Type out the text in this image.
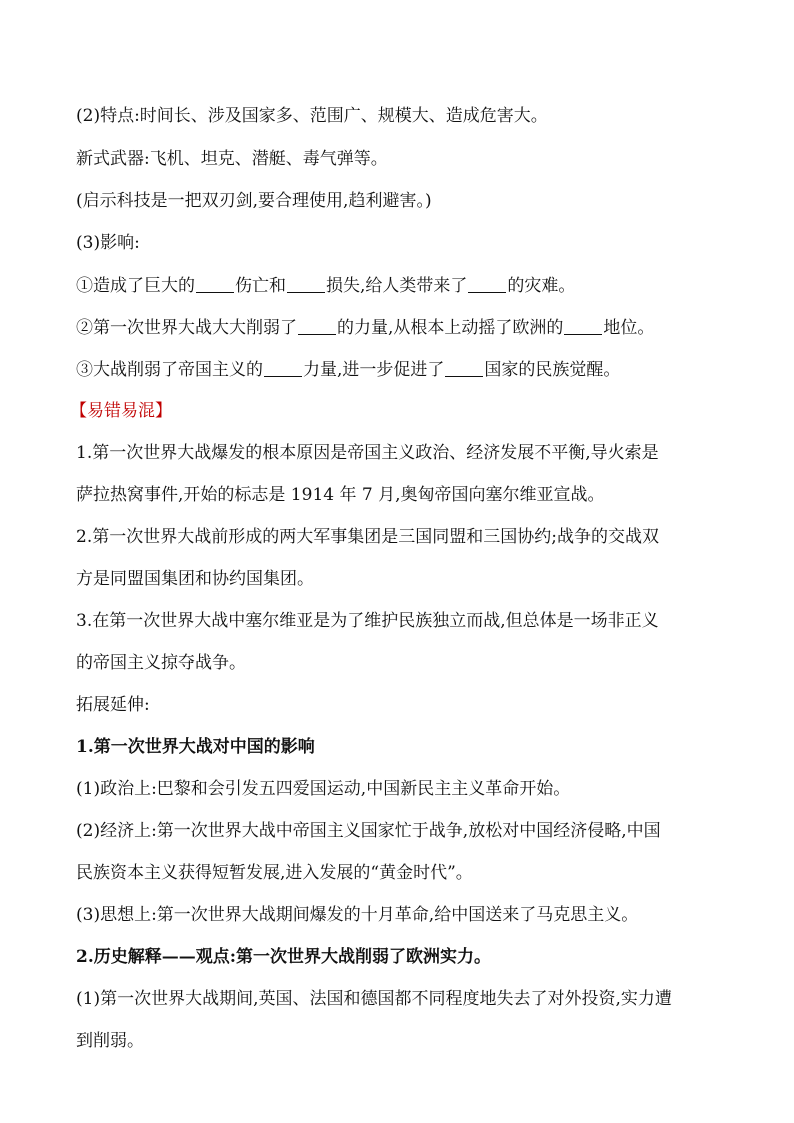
(2)特点:时间长、涉及国家多、范围广、规模大、造成危害大。
新式武器:飞机、坦克、潜艇、毒气弹等。
(启示科技是一把双刃剑,要合理使用,趋利避害。)
(3)影响:
①造成了巨大的 伤亡和 损失,给人类带来了 的灾难。
②第一次世界大战大大削弱了 的力量,从根本上动摇了欧洲的 地位。
③大战削弱了帝国主义的 力量,进一步促进了 国家的民族觉醒。
【易错易混】
1.第一次世界大战爆发的根本原因是帝国主义政治、经济发展不平衡,导火索是
萨拉热窝事件,开始的标志是 1914 年 7 月,奥匈帝国向塞尔维亚宣战。
2.第一次世界大战前形成的两大军事集团是三国同盟和三国协约;战争的交战双
方是同盟国集团和协约国集团。
3.在第一次世界大战中塞尔维亚是为了维护民族独立而战,但总体是一场非正义
的帝国主义掠夺战争。
拓展延伸:
1.第一次世界大战对中国的影响
(1)政治上:巴黎和会引发五四爱国运动,中国新民主主义革命开始。
(2)经济上:第一次世界大战中帝国主义国家忙于战争,放松对中国经济侵略,中国
民族资本主义获得短暂发展,进入发展的“黄金时代”。
(3)思想上:第一次世界大战期间爆发的十月革命,给中国送来了马克思主义。
2.历史解释——观点:第一次世界大战削弱了欧洲实力。
(1)第一次世界大战期间,英国、法国和德国都不同程度地失去了对外投资,实力遭
到削弱。
